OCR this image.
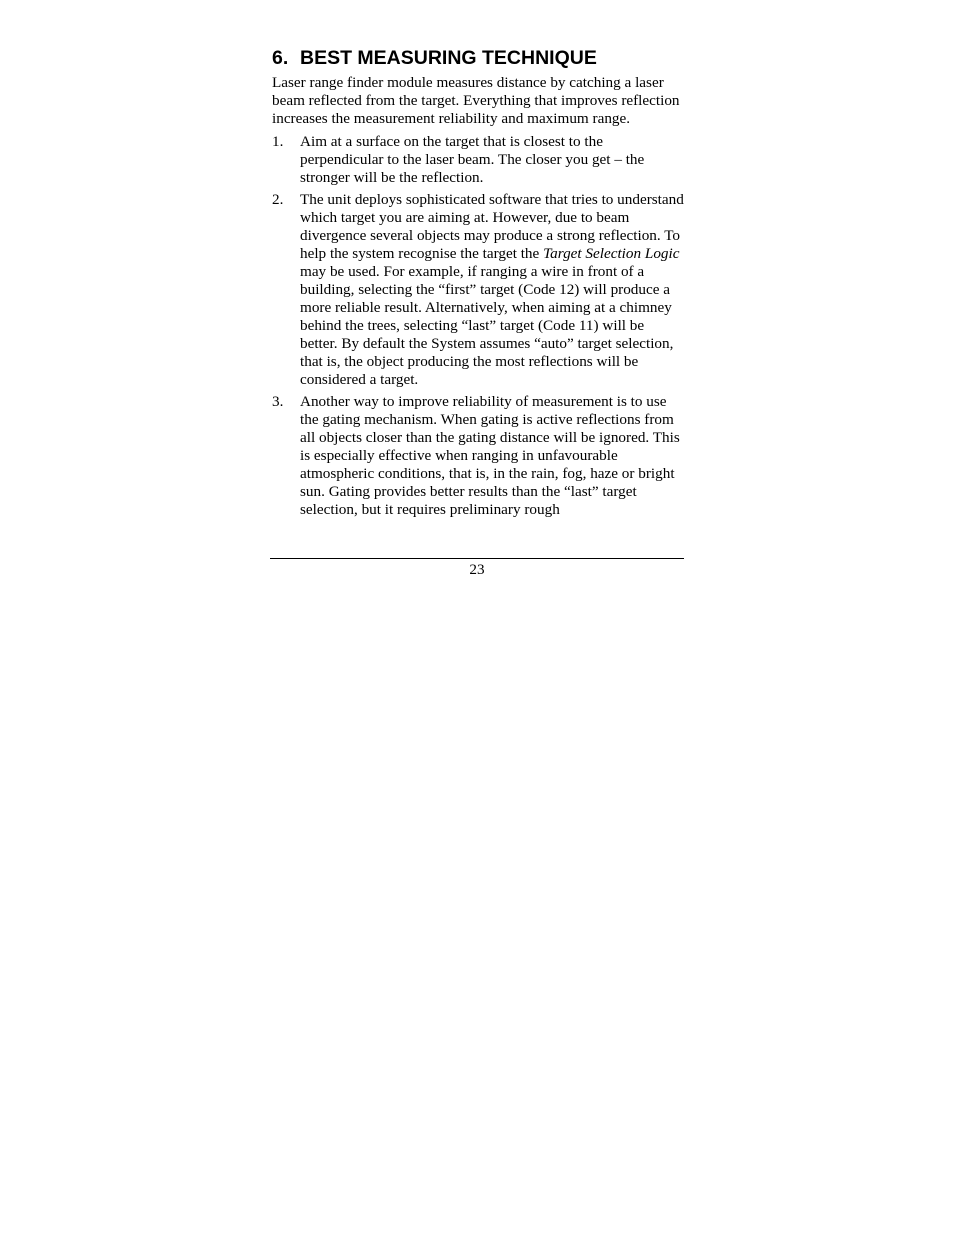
6. BEST MEASURING TECHNIQUE

Laser range finder module measures distance by catching a laser beam reflected from the target. Everything that improves reflection increases the measurement reliability and maximum range.

1. Aim at a surface on the target that is closest to the perpendicular to the laser beam. The closer you get – the stronger will be the reflection.
2. The unit deploys sophisticated software that tries to understand which target you are aiming at. However, due to beam divergence several objects may produce a strong reflection. To help the system recognise the target the Target Selection Logic may be used. For example, if ranging a wire in front of a building, selecting the “first” target (Code 12) will produce a more reliable result. Alternatively, when aiming at a chimney behind the trees, selecting “last” target (Code 11) will be better. By default the System assumes “auto” target selection, that is, the object producing the most reflections will be considered a target.
3. Another way to improve reliability of measurement is to use the gating mechanism. When gating is active reflections from all objects closer than the gating distance will be ignored. This is especially effective when ranging in unfavourable atmospheric conditions, that is, in the rain, fog, haze or bright sun. Gating provides better results than the “last” target selection, but it requires preliminary rough
23
